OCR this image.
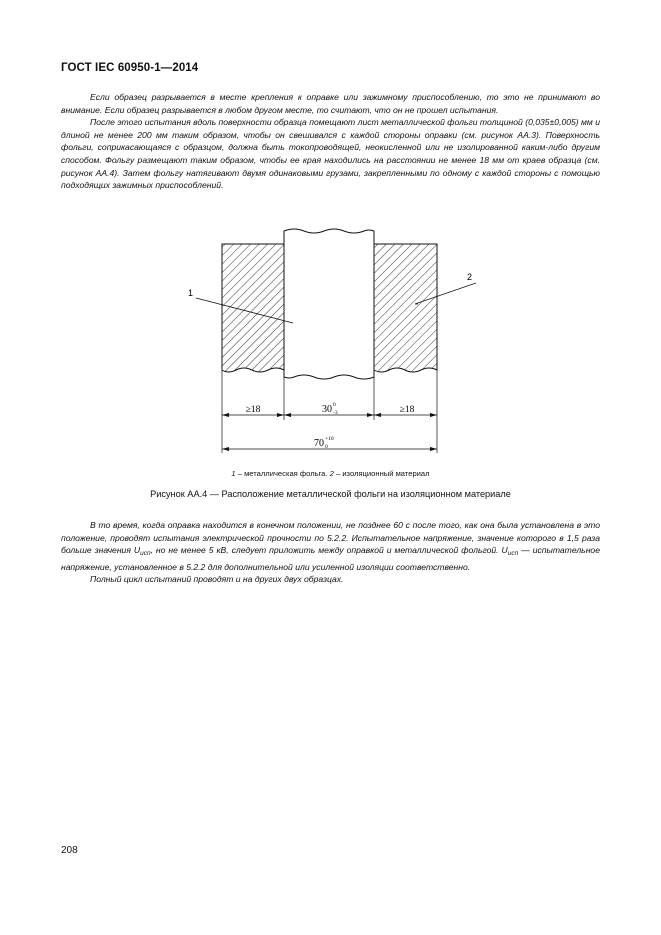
ГОСТ IEC 60950-1—2014

Если образец разрывается в месте крепления к оправке или зажимному приспособлению, то это не принимают во внимание. Если образец разрывается в любом другом месте, то считают, что он не прошел испытания.

После этого испытания вдоль поверхности образца помещают лист металлической фольги толщиной (0,035±0,005) мм и длиной не менее 200 мм таким образом, чтобы он свешивался с каждой стороны оправки (см. рисунок АА.3). Поверхность фольги, соприкасающаяся с образцом, должна быть токопроводящей, неокисленной или не изолированной каким-либо другим способом. Фольгу размещают таким образом, чтобы ее края находились на расстоянии не менее 18 мм от краев образца (см. рисунок АА.4). Затем фольгу натягивают двумя одинаковыми грузами, закрепленными по одному с каждой стороны с помощью подходящих зажимных приспособлений.

1
2
≥18	≥18
30 0
-3
70 +10
0
1 – металлическая фольга. 2 – изоляционный материал
Рисунок АА.4 — Расположение металлической фольги на изоляционном материале

В то время, когда оправка находится в конечном положении, не позднее 60 с после того, как она была установлена в это положение, проводят испытания электрической прочности по 5.2.2. Испытательное напряжение, значение которого в 1,5 раза больше значения $U_{исп}$, но не менее 5 кВ, следует приложить между оправкой и металлической фольгой. $U_{исп}$ — испытательное напряжение, установленное в 5.2.2 для дополнительной или усиленной изоляции соответственно.

Полный цикл испытаний проводят и на других двух образцах.

208
